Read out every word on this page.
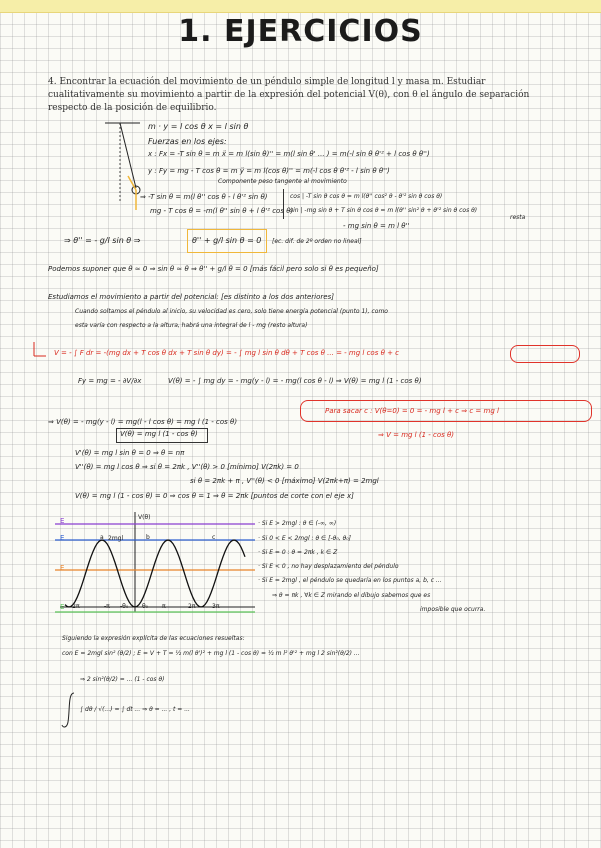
1. EJERCICIOS
4. Encontrar la ecuación del movimiento de un péndulo simple de longitud l y masa m. Estudiar cualitativamente su movimiento a partir de la expresión del potencial V(θ), con θ el ángulo de separación respecto de la posición de equilibrio.
m · y = l cos θ x = l sin θ
Fuerzas en los ejes:
x : Fx = -T sin θ = m ẍ = m l(sin θ)'' = m(l sin θ' ... ) = m(-l sin θ θ'² + l cos θ θ'')
y : Fy = mg - T cos θ = m ÿ = m l(cos θ)'' = m(-l cos θ θ'² - l sin θ θ'')
Componente peso tangente al movimiento
⇒ -T sin θ = m(l θ'' cos θ - l θ'² sin θ)
mg - T cos θ = -m(l θ'' sin θ + l θ'² cos θ)
cos | -T sin θ cos θ = m l(θ'' cos² θ - θ'² sin θ cos θ)
sin | -mg sin θ + T sin θ cos θ = m l(θ'' sin² θ + θ'² sin θ cos θ)
- mg sin θ = m l θ''
resta
⇒ θ'' = - g/l sin θ ⇒	θ'' + g/l sin θ = 0 [ec. dif. de 2º orden no lineal]
Podemos suponer que θ ≃ 0 ⇒ sin θ ≃ θ ⇒ θ'' + g/l θ = 0 [más fácil pero solo si θ es pequeño]
Estudiamos el movimiento a partir del potencial: [es distinto a los dos anteriores]
Cuando soltamos el péndulo al inicio, su velocidad es cero, solo tiene energía potencial (punto 1), como
esta varía con respecto a la altura, habrá una integral de l - mg (resto altura)
V = - ∫ F dr = -(mg dx + T cos θ dx + T sin θ dy) = - ∫ mg l sin θ dθ + T cos θ ... = - mg l cos θ + c
Fy = mg = - ∂V/∂x	V(θ) = - ∫ mg dy = - mg(y - l) = - mg(l cos θ - l) ⇒ V(θ) = mg l (1 - cos θ)
⇒ V(θ) = - mg(y - l) = mg(l - l cos θ) = mg l (1 - cos θ)
V(θ) = mg l (1 - cos θ)
Para sacar c : V(θ=0) = 0 = - mg l + c ⇒ c = mg l
⇒ V = mg l (1 - cos θ)
V'(θ) = mg l sin θ = 0 ⇒ θ = nπ
V''(θ) = mg l cos θ ⇒ si θ = 2πk , V''(θ) > 0 [mínimo] V(2πk) = 0
si θ = 2πk + π , V''(θ) < 0 [máximo] V(2πk+π) = 2mgl
V(θ) = mg l (1 - cos θ) = 0 ⇒ cos θ = 1 ⇒ θ = 2πk [puntos de corte con el eje x]
V(θ)
2mgl
E
E
E
E
a	b	c
-2π	-π -θ₀ θ₀ π	2π	3π
· Si E > 2mgl : θ ∈ (-∞, ∞)
· Si 0 < E < 2mgl : θ ∈ [-θ₀, θ₀]
· Si E = 0 : θ = 2πk , k ∈ Z
· Si E < 0 , no hay desplazamiento del péndulo
· Si E = 2mgl , el péndulo se quedaría en los puntos a, b, c ...
⇒ θ = πk , ∀k ∈ Z mirando el dibujo sabemos que es
imposible que ocurra.
Siguiendo la expresión explícita de las ecuaciones resueltas:
con E = 2mgl sin² (θ/2) ; E = V + T = ½ m(l θ')² + mg l (1 - cos θ) = ½ m l² θ'² + mg l 2 sin²(θ/2) ...
⇒ 2 sin²(θ/2) = ... (1 - cos θ)
∫ dθ / √(...) = ∫ dt ... ⇒ θ = ... , t = ...
